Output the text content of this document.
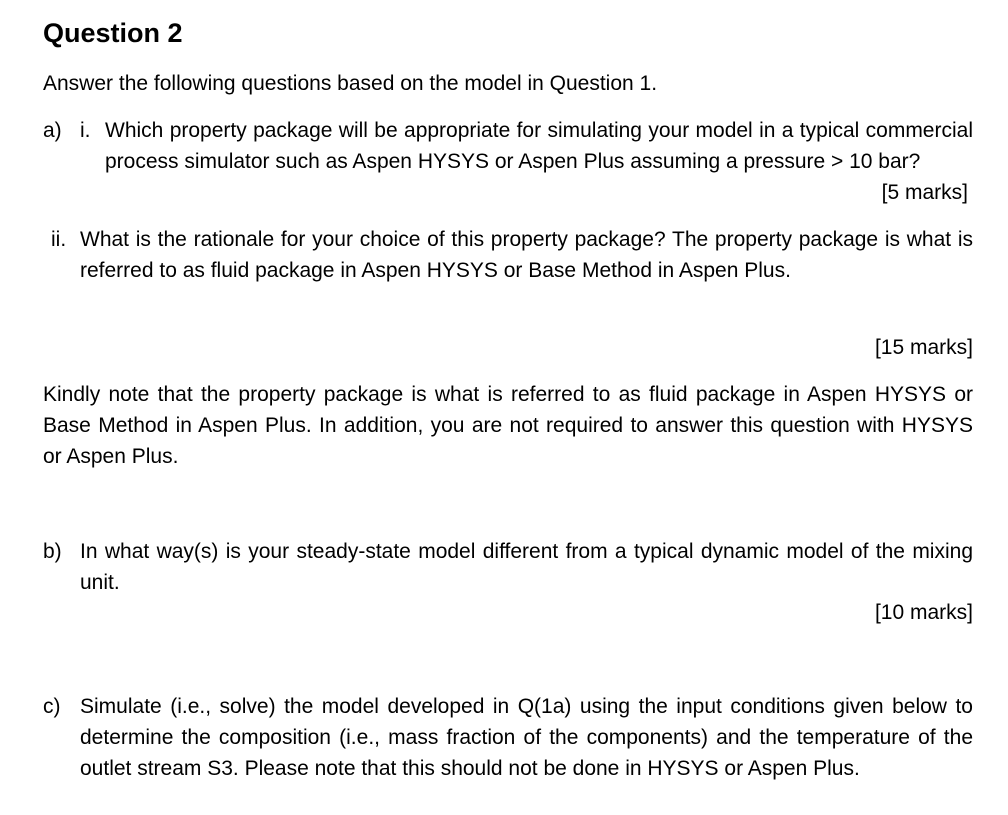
Question 2

Answer the following questions based on the model in Question 1.

a) i. Which property package will be appropriate for simulating your model in a typical commercial process simulator such as Aspen HYSYS or Aspen Plus assuming a pressure > 10 bar?
[5 marks]
ii. What is the rationale for your choice of this property package? The property package is what is referred to as fluid package in Aspen HYSYS or Base Method in Aspen Plus.
[15 marks]

Kindly note that the property package is what is referred to as fluid package in Aspen HYSYS or Base Method in Aspen Plus. In addition, you are not required to answer this question with HYSYS or Aspen Plus.

b) In what way(s) is your steady-state model different from a typical dynamic model of the mixing unit.
[10 marks]
c) Simulate (i.e., solve) the model developed in Q(1a) using the input conditions given below to determine the composition (i.e., mass fraction of the components) and the temperature of the outlet stream S3. Please note that this should not be done in HYSYS or Aspen Plus.
